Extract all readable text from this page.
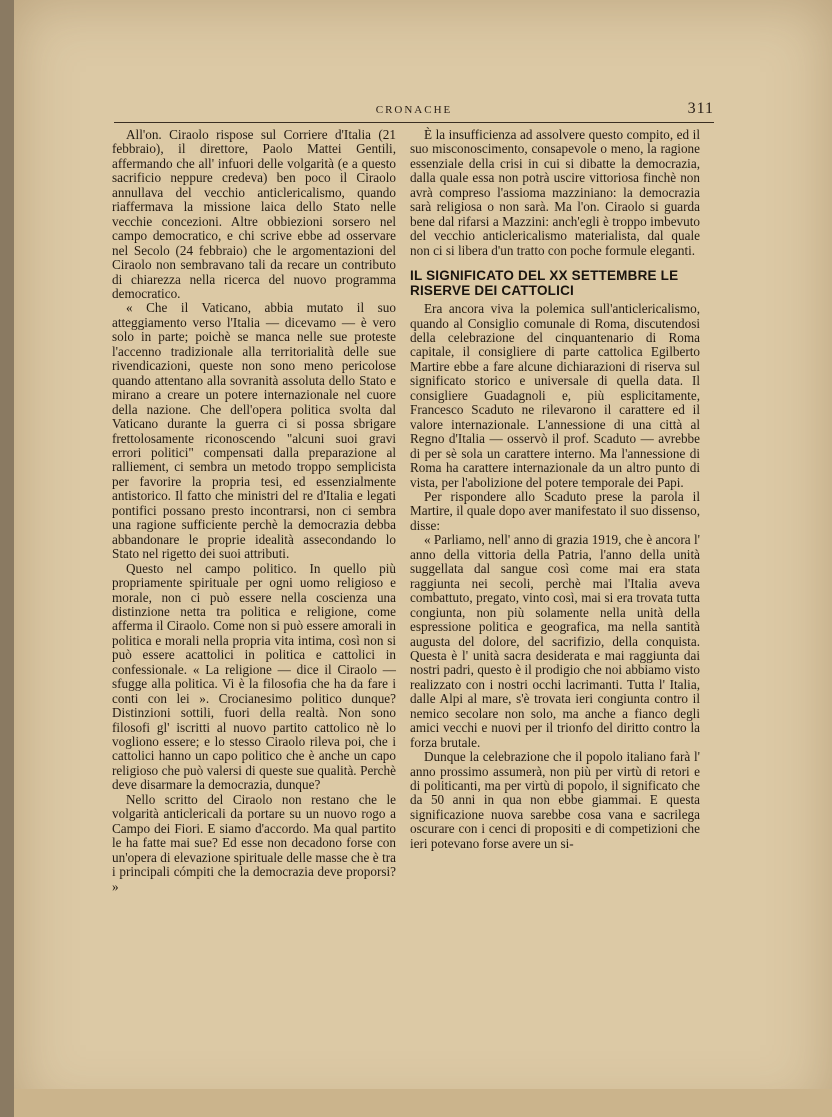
CRONACHE	311

All'on. Ciraolo rispose sul Corriere d'Italia (21 febbraio), il direttore, Paolo Mattei Gentili, affermando che all' infuori delle volgarità (e a questo sacrificio neppure credeva) ben poco il Ciraolo annullava del vecchio anticlericalismo, quando riaffermava la missione laica dello Stato nelle vecchie concezioni. Altre obbiezioni sorsero nel campo democratico, e chi scrive ebbe ad osservare nel Secolo (24 febbraio) che le argomentazioni del Ciraolo non sembravano tali da recare un contributo di chiarezza nella ricerca del nuovo programma democratico.

« Che il Vaticano, abbia mutato il suo atteggiamento verso l'Italia — dicevamo — è vero solo in parte; poichè se manca nelle sue proteste l'accenno tradizionale alla territorialità delle sue rivendicazioni, queste non sono meno pericolose quando attentano alla sovranità assoluta dello Stato e mirano a creare un potere internazionale nel cuore della nazione. Che dell'opera politica svolta dal Vaticano durante la guerra ci si possa sbrigare frettolosamente riconoscendo "alcuni suoi gravi errori politici" compensati dalla preparazione al ralliement, ci sembra un metodo troppo semplicista per favorire la propria tesi, ed essenzialmente antistorico. Il fatto che ministri del re d'Italia e legati pontifici possano presto incontrarsi, non ci sembra una ragione sufficiente perchè la democrazia debba abbandonare le proprie idealità assecondando lo Stato nel rigetto dei suoi attributi.

Questo nel campo politico. In quello più propriamente spirituale per ogni uomo religioso e morale, non ci può essere nella coscienza una distinzione netta tra politica e religione, come afferma il Ciraolo. Come non si può essere amorali in politica e morali nella propria vita intima, così non si può essere acattolici in politica e cattolici in confessionale. « La religione — dice il Ciraolo — sfugge alla politica. Vi è la filosofia che ha da fare i conti con lei ». Crocianesimo politico dunque? Distinzioni sottili, fuori della realtà. Non sono filosofi gl' iscritti al nuovo partito cattolico nè lo vogliono essere; e lo stesso Ciraolo rileva poi, che i cattolici hanno un capo politico che è anche un capo religioso che può valersi di queste sue qualità. Perchè deve disarmare la democrazia, dunque?

Nello scritto del Ciraolo non restano che le volgarità anticlericali da portare su un nuovo rogo a Campo dei Fiori. E siamo d'accordo. Ma qual partito le ha fatte mai sue? Ed esse non decadono forse con un'opera di elevazione spirituale delle masse che è tra i principali cómpiti che la democrazia deve proporsi? »

È la insufficienza ad assolvere questo compito, ed il suo misconoscimento, consapevole o meno, la ragione essenziale della crisi in cui si dibatte la democrazia, dalla quale essa non potrà uscire vittoriosa finchè non avrà compreso l'assioma mazziniano: la democrazia sarà religiosa o non sarà. Ma l'on. Ciraolo si guarda bene dal rifarsi a Mazzini: anch'egli è troppo imbevuto del vecchio anticlericalismo materialista, dal quale non ci si libera d'un tratto con poche formule eleganti.

IL SIGNIFICATO DEL XX SETTEMBRE LE RISERVE DEI CATTOLICI

Era ancora viva la polemica sull'anticlericalismo, quando al Consiglio comunale di Roma, discutendosi della celebrazione del cinquantenario di Roma capitale, il consigliere di parte cattolica Egilberto Martire ebbe a fare alcune dichiarazioni di riserva sul significato storico e universale di quella data. Il consigliere Guadagnoli e, più esplicitamente, Francesco Scaduto ne rilevarono il carattere ed il valore internazionale. L'annessione di una città al Regno d'Italia — osservò il prof. Scaduto — avrebbe di per sè sola un carattere interno. Ma l'annessione di Roma ha carattere internazionale da un altro punto di vista, per l'abolizione del potere temporale dei Papi.

Per rispondere allo Scaduto prese la parola il Martire, il quale dopo aver manifestato il suo dissenso, disse:

« Parliamo, nell' anno di grazia 1919, che è ancora l' anno della vittoria della Patria, l'anno della unità suggellata dal sangue così come mai era stata raggiunta nei secoli, perchè mai l'Italia aveva combattuto, pregato, vinto così, mai si era trovata tutta congiunta, non più solamente nella unità della espressione politica e geografica, ma nella santità augusta del dolore, del sacrifizio, della conquista. Questa è l' unità sacra desiderata e mai raggiunta dai nostri padri, questo è il prodigio che noi abbiamo visto realizzato con i nostri occhi lacrimanti. Tutta l' Italia, dalle Alpi al mare, s'è trovata ieri congiunta contro il nemico secolare non solo, ma anche a fianco degli amici vecchi e nuovi per il trionfo del diritto contro la forza brutale.

Dunque la celebrazione che il popolo italiano farà l' anno prossimo assumerà, non più per virtù di retori e di politicanti, ma per virtù di popolo, il significato che da 50 anni in qua non ebbe giammai. E questa significazione nuova sarebbe cosa vana e sacrilega oscurare con i cenci di propositi e di competizioni che ieri potevano forse avere un si-
